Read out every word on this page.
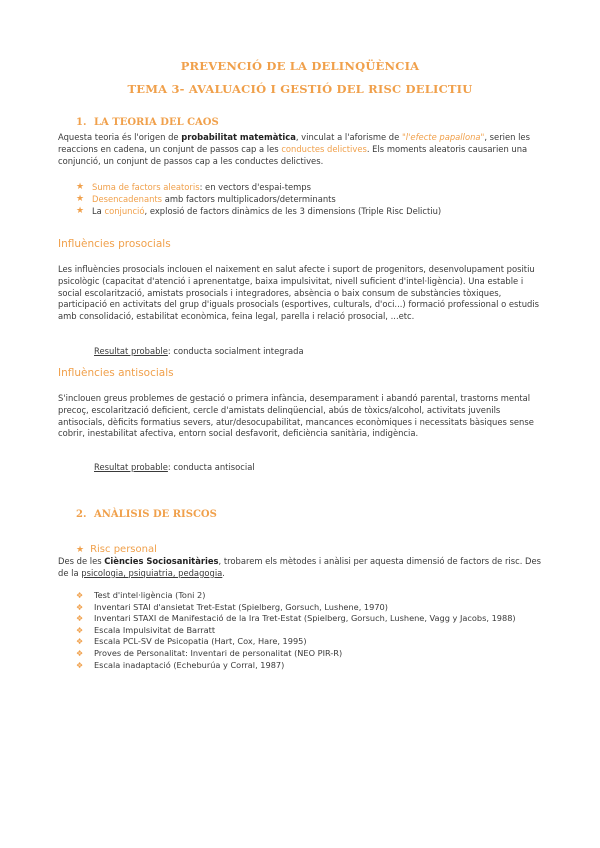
PREVENCIÓ DE LA DELINQÜÈNCIA
TEMA 3- AVALUACIÓ I GESTIÓ DEL RISC DELICTIU
1. LA TEORIA DEL CAOS
Aquesta teoria és l'origen de probabilitat matemàtica, vinculat a l'aforisme de "l'efecte papallona", serien les reaccions en cadena, un conjunt de passos cap a les conductes delictives. Els moments aleatoris causarien una conjunció, un conjunt de passos cap a les conductes delictives.
★ Suma de factors aleatoris: en vectors d'espai-temps
★ Desencadenants amb factors multiplicadors/determinants
★ La conjunció, explosió de factors dinàmics de les 3 dimensions (Triple Risc Delictiu)
Influències prosocials
Les influències prosocials inclouen el naixement en salut afecte i suport de progenitors, desenvolupament positiu psicològic (capacitat d'atenció i aprenentatge, baixa impulsivitat, nivell suficient d'intel·ligència). Una estable i social escolarització, amistats prosocials i integradores, absència o baix consum de substàncies tòxiques, participació en activitats del grup d'iguals prosocials (esportives, culturals, d'oci...) formació professional o estudis amb consolidació, estabilitat econòmica, feina legal, parella i relació prosocial, ...etc.
Resultat probable: conducta socialment integrada
Influències antisocials
S'inclouen greus problemes de gestació o primera infància, desemparament i abandó parental, trastorns mental precoç, escolarització deficient, cercle d'amistats delinqüencial, abús de tòxics/alcohol, activitats juvenils antisocials, dèficits formatius severs, atur/desocupabilitat, mancances econòmiques i necessitats bàsiques sense cobrir, inestabilitat afectiva, entorn social desfavorit, deficiència sanitària, indigència.
Resultat probable: conducta antisocial
2. ANÀLISIS DE RISCOS
★ Risc personal
Des de les Ciències Sociosanitàries, trobarem els mètodes i anàlisi per aquesta dimensió de factors de risc. Des de la psicologia, psiquiatria, pedagogia.
❖ Test d'intel·ligència (Toni 2)
❖ Inventari STAI d'ansietat Tret-Estat (Spielberg, Gorsuch, Lushene, 1970)
❖ Inventari STAXI de Manifestació de la Ira Tret-Estat (Spielberg, Gorsuch, Lushene, Vagg y Jacobs, 1988)
❖ Escala Impulsivitat de Barratt
❖ Escala PCL-SV de Psicopatia (Hart, Cox, Hare, 1995)
❖ Proves de Personalitat: Inventari de personalitat (NEO PIR-R)
❖ Escala inadaptació (Echeburúa y Corral, 1987)
